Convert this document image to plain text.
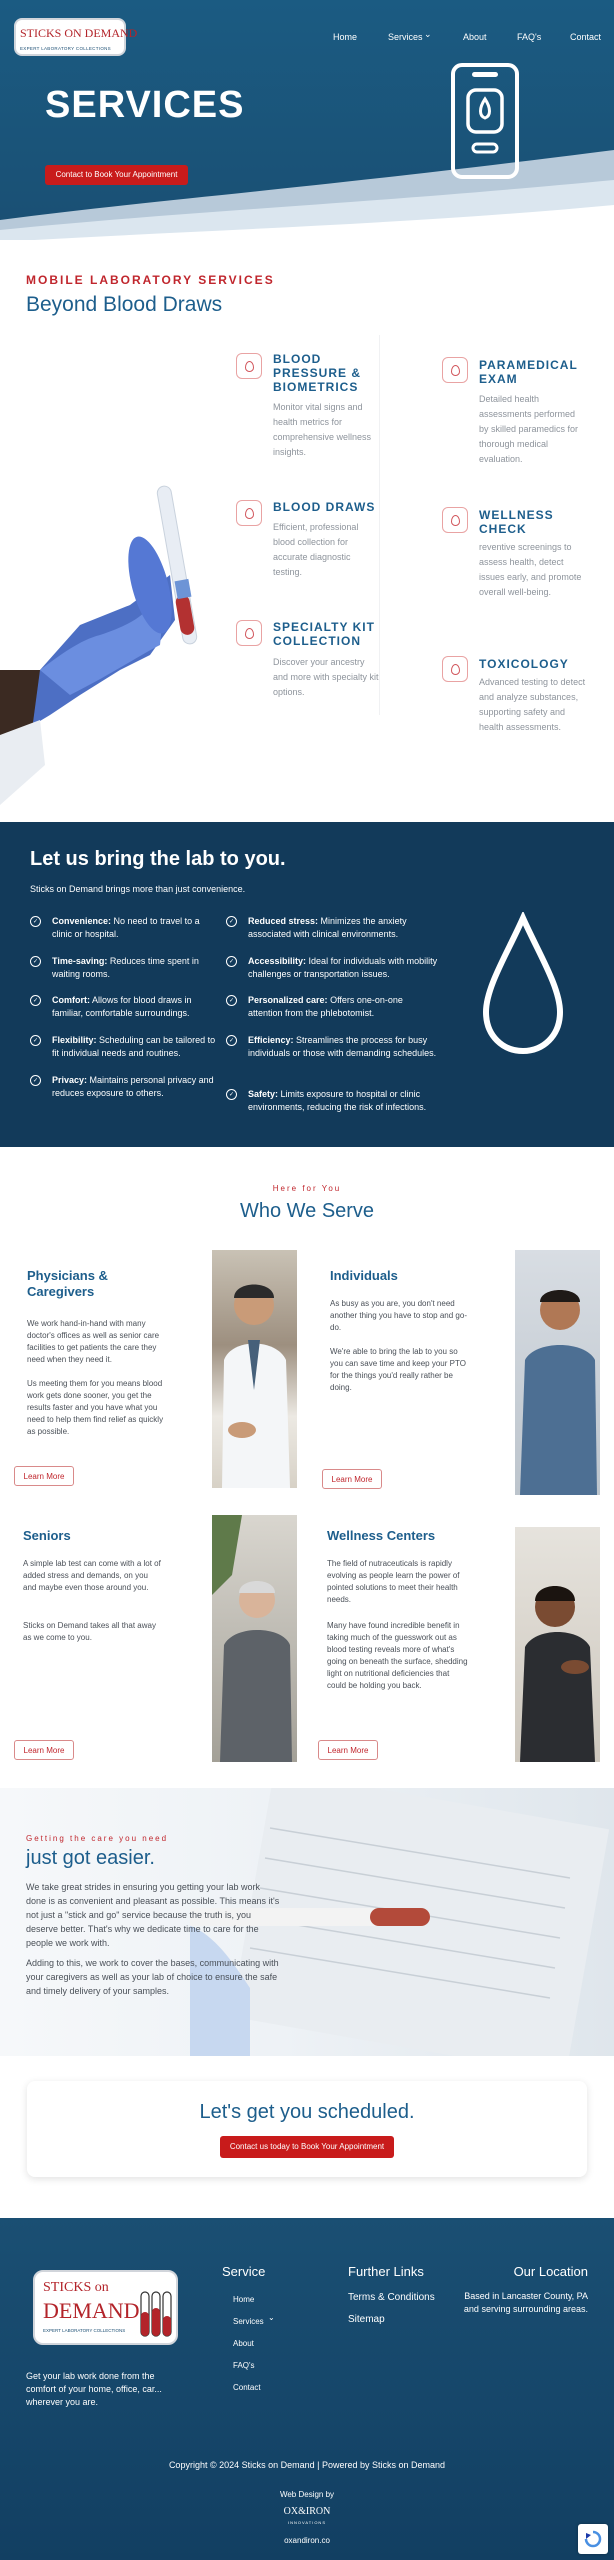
STICKS ON DEMAND
EXPERT LABORATORY COLLECTIONS
Home	Services ⌄	About	FAQ's	Contact
SERVICES
Contact to Book Your Appointment
MOBILE LABORATORY SERVICES
Beyond Blood Draws
BLOOD PRESSURE & BIOMETRICS
Monitor vital signs and health metrics for comprehensive wellness insights.
PARAMEDICAL EXAM
Detailed health assessments performed by skilled paramedics for thorough medical evaluation.
BLOOD DRAWS
Efficient, professional blood collection for accurate diagnostic testing.
WELLNESS CHECK
reventive screenings to assess health, detect issues early, and promote overall well-being.
SPECIALTY KIT COLLECTION
Discover your ancestry and more with specialty kit options.
TOXICOLOGY
Advanced testing to detect and analyze substances, supporting safety and health assessments.
Let us bring the lab to you.
Sticks on Demand brings more than just convenience.
✓	Convenience: No need to travel to a clinic or hospital.
✓	Time-saving: Reduces time spent in waiting rooms.
✓	Comfort: Allows for blood draws in familiar, comfortable surroundings.
✓	Flexibility: Scheduling can be tailored to fit individual needs and routines.
✓	Privacy: Maintains personal privacy and reduces exposure to others.
✓	Reduced stress: Minimizes the anxiety associated with clinical environments.
✓	Accessibility: Ideal for individuals with mobility challenges or transportation issues.
✓	Personalized care: Offers one-on-one attention from the phlebotomist.
✓	Efficiency: Streamlines the process for busy individuals or those with demanding schedules.
✓	Safety: Limits exposure to hospital or clinic environments, reducing the risk of infections.
Here for You
Who We Serve
Physicians & Caregivers
We work hand-in-hand with many doctor's offices as well as senior care facilities to get patients the care they need when they need it.
Us meeting them for you means blood work gets done sooner, you get the results faster and you have what you need to help them find relief as quickly as possible.
Learn More
Individuals
As busy as you are, you don't need another thing you have to stop and go-do.
We're able to bring the lab to you so you can save time and keep your PTO for the things you'd really rather be doing.
Learn More
Seniors
A simple lab test can come with a lot of added stress and demands, on you and maybe even those around you.
Sticks on Demand takes all that away as we come to you.
Learn More
Wellness Centers
The field of nutraceuticals is rapidly evolving as people learn the power of pointed solutions to meet their health needs.
Many have found incredible benefit in taking much of the guesswork out as blood testing reveals more of what's going on beneath the surface, shedding light on nutritional deficiencies that could be holding you back.
Learn More
Getting the care you need
just got easier.
We take great strides in ensuring you getting your lab work done is as convenient and pleasant as possible. This means it's not just a "stick and go" service because the truth is, you deserve better. That's why we dedicate time to care for the people we work with.
Adding to this, we work to cover the bases, communicating with your caregivers as well as your lab of choice to ensure the safe and timely delivery of your samples.
Let's get you scheduled.
Contact us today to Book Your Appointment
STICKS on
DEMAND
EXPERT LABORATORY COLLECTIONS
Get your lab work done from the comfort of your home, office, car... wherever you are.
Service
Home
Services ⌄
About
FAQ's
Contact
Further Links
Terms & Conditions
Sitemap
Our Location
Based in Lancaster County, PA and serving surrounding areas.
Copyright © 2024 Sticks on Demand | Powered by Sticks on Demand
Web Design by
OX&IRON
INNOVATIONS
oxandiron.co
